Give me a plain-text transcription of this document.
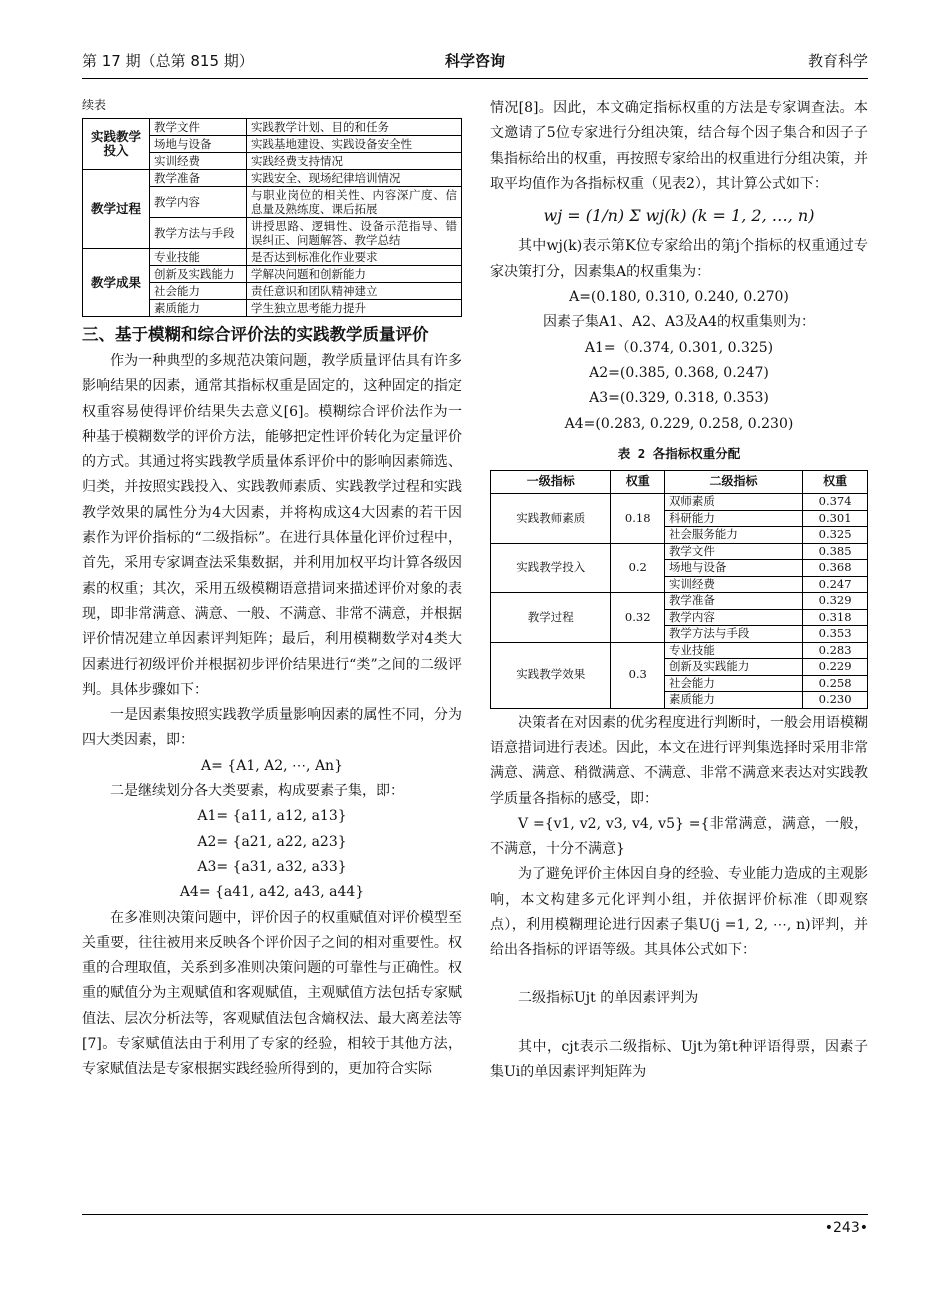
第 17 期（总第 815 期）	科学咨询	教育科学

续表

实践教学投入	教学文件	实践教学计划、目的和任务
	场地与设备	实践基地建设、实践设备安全性
	实训经费	实践经费支持情况
教学过程	教学准备	实践安全、现场纪律培训情况
	教学内容	与职业岗位的相关性、内容深广度、信息量及熟练度、课后拓展
	教学方法与手段	讲授思路、逻辑性、设备示范指导、错误纠正、问题解答、教学总结
教学成果	专业技能	是否达到标准化作业要求
	创新及实践能力	学解决问题和创新能力
	社会能力	责任意识和团队精神建立
	素质能力	学生独立思考能力提升
三、基于模糊和综合评价法的实践教学质量评价

作为一种典型的多规范决策问题，教学质量评估具有许多影响结果的因素，通常其指标权重是固定的，这种固定的指定权重容易使得评价结果失去意义[6]。模糊综合评价法作为一种基于模糊数学的评价方法，能够把定性评价转化为定量评价的方式。其通过将实践教学质量体系评价中的影响因素筛选、归类，并按照实践投入、实践教师素质、实践教学过程和实践教学效果的属性分为4大因素，并将构成这4大因素的若干因素作为评价指标的“二级指标”。在进行具体量化评价过程中，首先，采用专家调查法采集数据，并利用加权平均计算各级因素的权重；其次，采用五级模糊语意措词来描述评价对象的表现，即非常满意、满意、一般、不满意、非常不满意，并根据评价情况建立单因素评判矩阵；最后，利用模糊数学对4类大因素进行初级评价并根据初步评价结果进行“类”之间的二级评判。具体步骤如下：

一是因素集按照实践教学质量影响因素的属性不同，分为四大类因素，即：

A= {A1, A2, ⋯, An}

二是继续划分各大类要素，构成要素子集，即：

A1= {a11, a12, a13}

A2= {a21, a22, a23}

A3= {a31, a32, a33}

A4= {a41, a42, a43, a44}

在多准则决策问题中，评价因子的权重赋值对评价模型至关重要，往往被用来反映各个评价因子之间的相对重要性。权重的合理取值，关系到多准则决策问题的可靠性与正确性。权重的赋值分为主观赋值和客观赋值，主观赋值方法包括专家赋值法、层次分析法等，客观赋值法包含熵权法、最大离差法等[7]。专家赋值法由于利用了专家的经验，相较于其他方法，专家赋值法是专家根据实践经验所得到的，更加符合实际

情况[8]。因此，本文确定指标权重的方法是专家调查法。本文邀请了5位专家进行分组决策，结合每个因子集合和因子子集指标给出的权重，再按照专家给出的权重进行分组决策，并取平均值作为各指标权重（见表2），其计算公式如下：

wj = (1/n) Σ wj(k) (k = 1, 2, …, n)

其中wj(k)表示第K位专家给出的第j个指标的权重通过专家决策打分，因素集A的权重集为：

A=(0.180, 0.310, 0.240, 0.270)

因素子集A1、A2、A3及A4的权重集则为：

A1=（0.374, 0.301, 0.325)

A2=(0.385, 0.368, 0.247)

A3=(0.329, 0.318, 0.353)

A4=(0.283, 0.229, 0.258, 0.230)

表 2 各指标权重分配

一级指标	权重	二级指标	权重
实践教师素质	0.18	双师素质	0.374
		科研能力	0.301
		社会服务能力	0.325
实践教学投入	0.2	教学文件	0.385
		场地与设备	0.368
		实训经费	0.247
教学过程	0.32	教学准备	0.329
		教学内容	0.318
		教学方法与手段	0.353
实践教学效果	0.3	专业技能	0.283
		创新及实践能力	0.229
		社会能力	0.258
		素质能力	0.230

决策者在对因素的优劣程度进行判断时，一般会用语模糊语意措词进行表述。因此，本文在进行评判集选择时采用非常满意、满意、稍微满意、不满意、非常不满意来表达对实践教学质量各指标的感受，即：

V ={v1, v2, v3, v4, v5} ={非常满意，满意，一般，不满意，十分不满意}

为了避免评价主体因自身的经验、专业能力造成的主观影响，本文构建多元化评判小组，并依据评价标准（即观察点），利用模糊理论进行因素子集U(j =1, 2, ⋯, n)评判，并给出各指标的评语等级。其具体公式如下：

二级指标Ujt 的单因素评判为

其中，cjt表示二级指标、Ujt为第t种评语得票，因素子集Ui的单因素评判矩阵为

•243•
